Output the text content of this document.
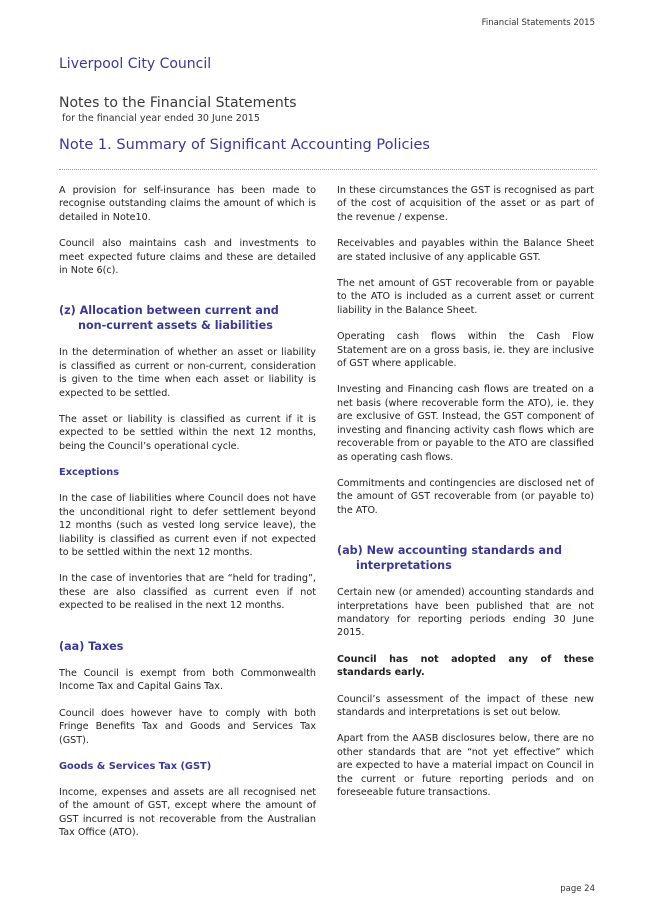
Financial Statements 2015
Liverpool City Council
Notes to the Financial Statements
for the financial year ended 30 June 2015
Note 1. Summary of Significant Accounting Policies

A provision for self-insurance has been made to recognise outstanding claims the amount of which is detailed in Note10.

Council also maintains cash and investments to meet expected future claims and these are detailed in Note 6(c).

(z) Allocation between current and
non-current assets & liabilities

In the determination of whether an asset or liability is classified as current or non-current, consideration is given to the time when each asset or liability is expected to be settled.

The asset or liability is classified as current if it is expected to be settled within the next 12 months, being the Council’s operational cycle.

Exceptions

In the case of liabilities where Council does not have the unconditional right to defer settlement beyond 12 months (such as vested long service leave), the liability is classified as current even if not expected to be settled within the next 12 months.

In the case of inventories that are “held for trading”, these are also classified as current even if not expected to be realised in the next 12 months.

(aa) Taxes

The Council is exempt from both Commonwealth Income Tax and Capital Gains Tax.

Council does however have to comply with both Fringe Benefits Tax and Goods and Services Tax (GST).

Goods & Services Tax (GST)

Income, expenses and assets are all recognised net of the amount of GST, except where the amount of GST incurred is not recoverable from the Australian Tax Office (ATO).

In these circumstances the GST is recognised as part of the cost of acquisition of the asset or as part of the revenue / expense.

Receivables and payables within the Balance Sheet are stated inclusive of any applicable GST.

The net amount of GST recoverable from or payable to the ATO is included as a current asset or current liability in the Balance Sheet.

Operating cash flows within the Cash Flow Statement are on a gross basis, ie. they are inclusive of GST where applicable.

Investing and Financing cash flows are treated on a net basis (where recoverable form the ATO), ie. they are exclusive of GST. Instead, the GST component of investing and financing activity cash flows which are recoverable from or payable to the ATO are classified as operating cash flows.

Commitments and contingencies are disclosed net of the amount of GST recoverable from (or payable to) the ATO.

(ab) New accounting standards and
interpretations

Certain new (or amended) accounting standards and interpretations have been published that are not mandatory for reporting periods ending 30 June 2015.

Council has not adopted any of these standards early.

Council’s assessment of the impact of these new standards and interpretations is set out below.

Apart from the AASB disclosures below, there are no other standards that are “not yet effective” which are expected to have a material impact on Council in the current or future reporting periods and on foreseeable future transactions.

page 24
